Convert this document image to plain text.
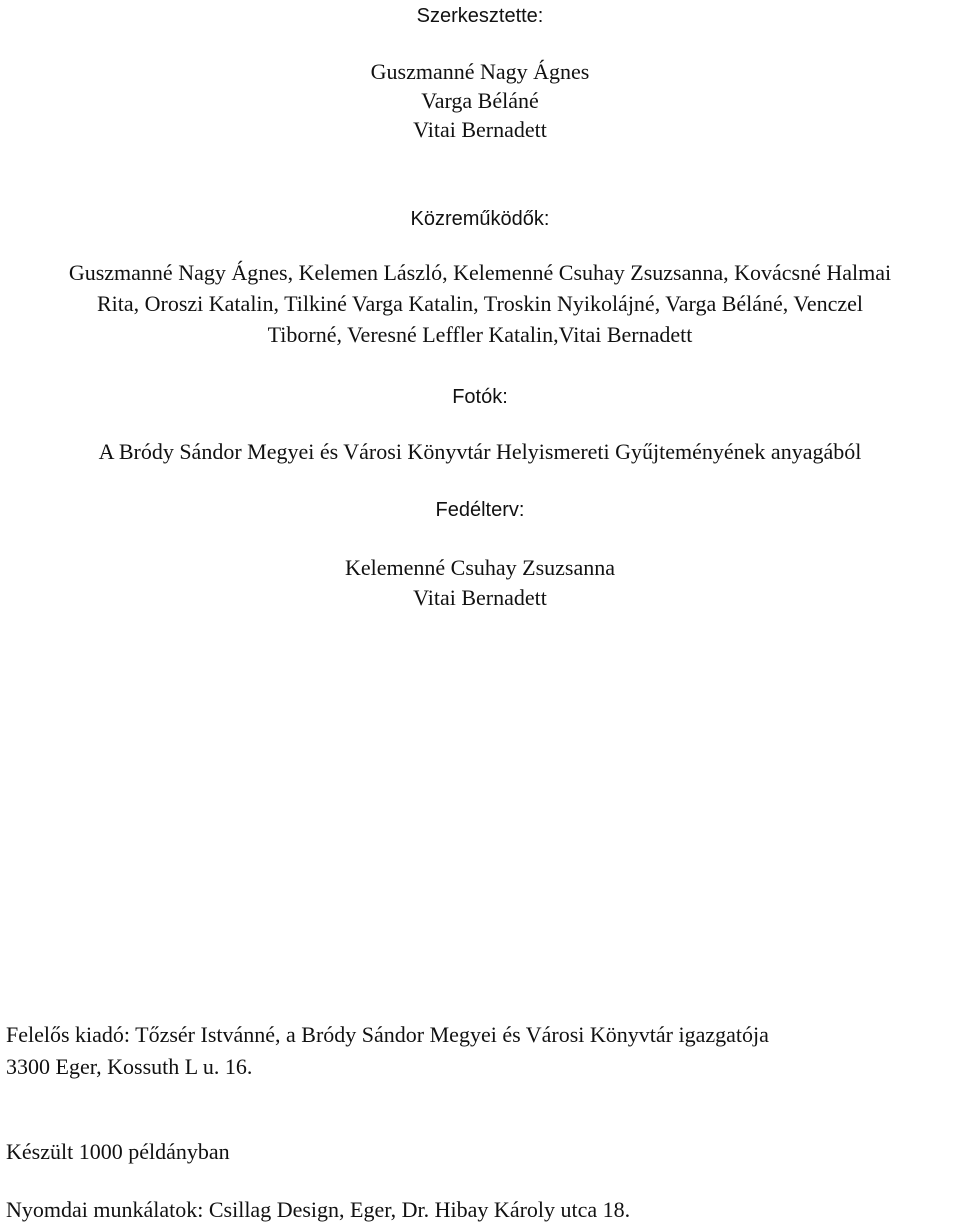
Szerkesztette:
Guszmanné Nagy Ágnes
Varga Béláné
Vitai Bernadett
Közreműködők:
Guszmanné Nagy Ágnes, Kelemen László, Kelemenné Csuhay Zsuzsanna, Kovácsné Halmai
Rita, Oroszi Katalin, Tilkiné Varga Katalin, Troskin Nyikolájné, Varga Béláné, Venczel
Tiborné, Veresné Leffler Katalin,Vitai Bernadett
Fotók:
A Bródy Sándor Megyei és Városi Könyvtár Helyismereti Gyűjteményének anyagából
Fedélterv:
Kelemenné Csuhay Zsuzsanna
Vitai Bernadett
Felelős kiadó: Tőzsér Istvánné, a Bródy Sándor Megyei és Városi Könyvtár igazgatója
3300 Eger, Kossuth L u. 16.
Készült 1000 példányban
Nyomdai munkálatok: Csillag Design, Eger, Dr. Hibay Károly utca 18.
